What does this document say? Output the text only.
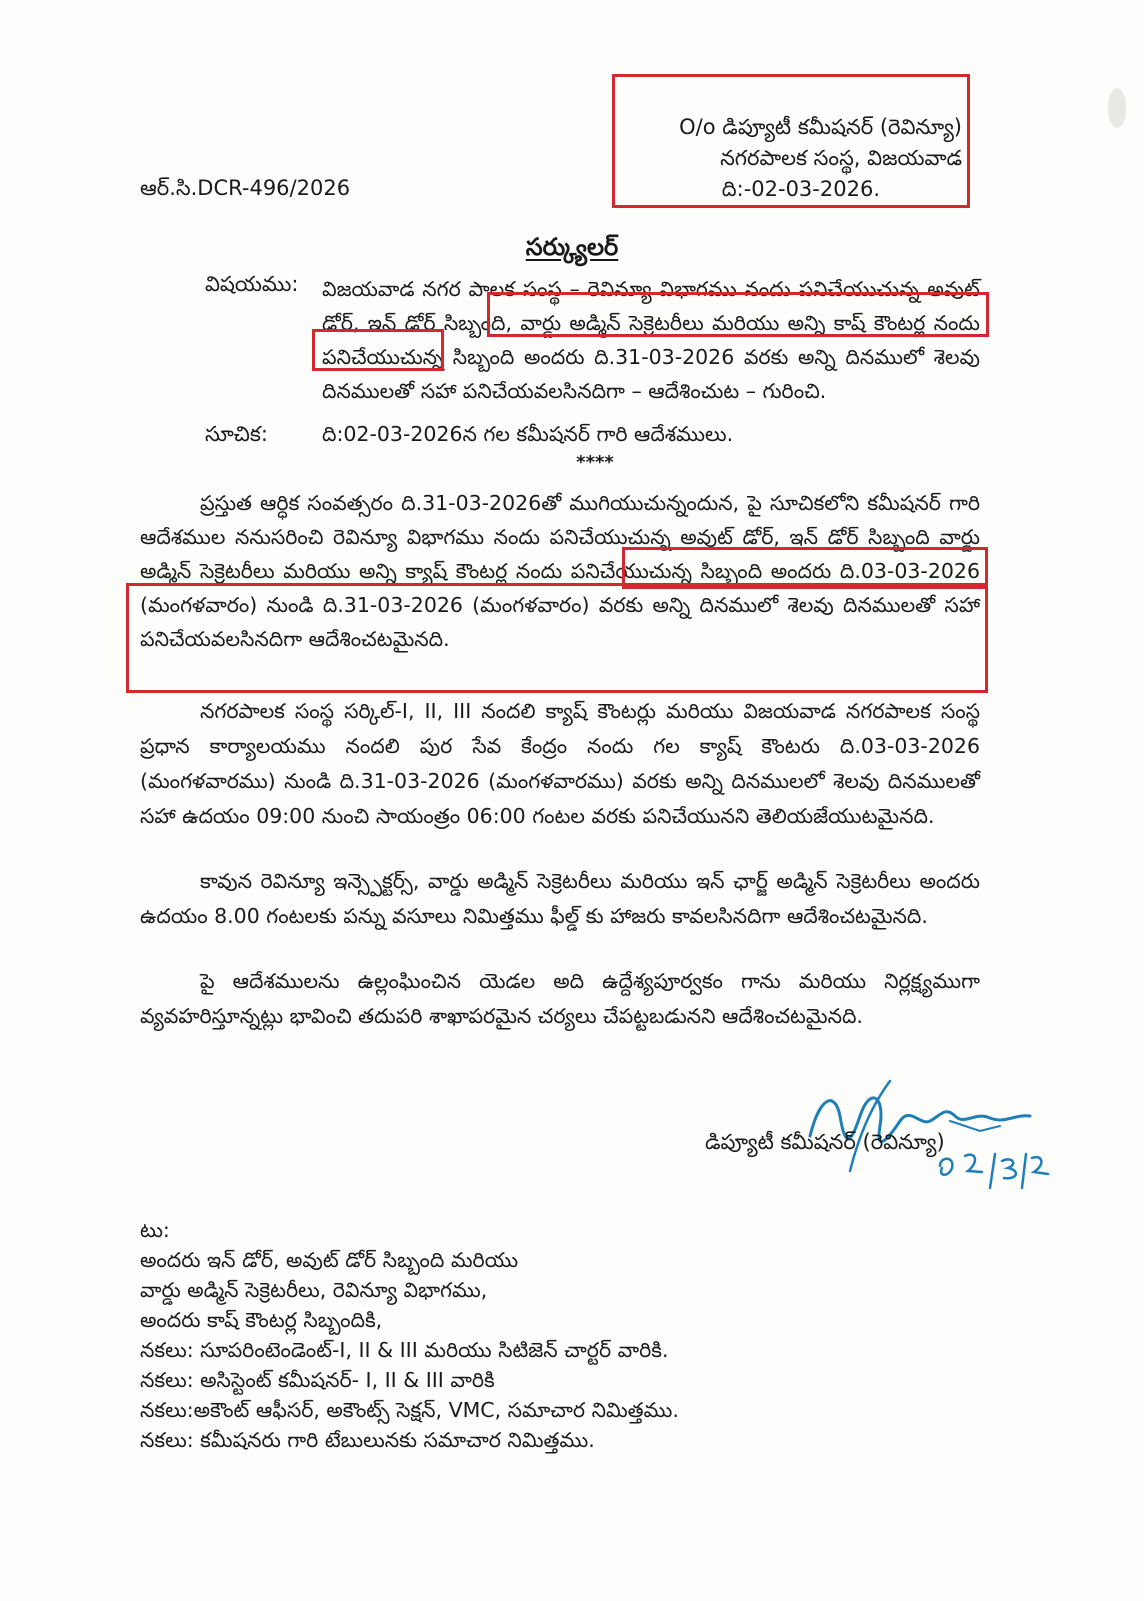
O/o డిప్యూటీ కమీషనర్ (రెవిన్యూ)
నగరపాలక సంస్థ, విజయవాడ
ది:-02-03-2026.
ఆర్.సి.DCR-496/2026
సర్క్యులర్
విషయము: విజయవాడ నగర పాలక సంస్థ – రెవిన్యూ విభాగము నందు పనిచేయుచున్న అవుట్ డోర్, ఇన్ డోర్ సిబ్బంది, వార్డు అడ్మిన్ సెక్రెటరీలు మరియు అన్ని కాష్ కౌంటర్ల నందు పనిచేయుచున్న సిబ్బంది అందరు ది.31-03-2026 వరకు అన్ని దినములో శెలవు దినములతో సహా పనిచేయవలసినదిగా – ఆదేశించుట – గురించి.
సూచిక:	ది:02-03-2026న గల కమీషనర్ గారి ఆదేశములు.
****
ప్రస్తుత ఆర్ధిక సంవత్సరం ది.31-03-2026తో ముగియుచున్నందున, పై సూచికలోని కమీషనర్ గారి ఆదేశముల ననుసరించి రెవిన్యూ విభాగము నందు పనిచేయుచున్న అవుట్ డోర్, ఇన్ డోర్ సిబ్బంది వార్డు అడ్మిన్ సెక్రెటరీలు మరియు అన్ని క్యాష్ కౌంటర్ల నందు పనిచేయుచున్న సిబ్బంది అందరు ది.03-03-2026 (మంగళవారం) నుండి ది.31-03-2026 (మంగళవారం) వరకు అన్ని దినములో శెలవు దినములతో సహా పనిచేయవలసినదిగా ఆదేశించటమైనది.
నగరపాలక సంస్థ సర్కిల్-I, II, III నందలి క్యాష్ కౌంటర్లు మరియు విజయవాడ నగరపాలక సంస్థ ప్రధాన కార్యాలయము నందలి పుర సేవ కేంద్రం నందు గల క్యాష్ కౌంటరు ది.03-03-2026 (మంగళవారము) నుండి ది.31-03-2026 (మంగళవారము) వరకు అన్ని దినములలో శెలవు దినములతో సహా ఉదయం 09:00 నుంచి సాయంత్రం 06:00 గంటల వరకు పనిచేయునని తెలియజేయుటమైనది.
కావున రెవిన్యూ ఇన్స్పెక్టర్స్, వార్డు అడ్మిన్ సెక్రెటరీలు మరియు ఇన్ ఛార్జ్ అడ్మిన్ సెక్రెటరీలు అందరు ఉదయం 8.00 గంటలకు పన్ను వసూలు నిమిత్తము ఫీల్డ్ కు హాజరు కావలసినదిగా ఆదేశించటమైనది.
పై ఆదేశములను ఉల్లంఘించిన యెడల అది ఉద్దేశ్యపూర్వకం గాను మరియు నిర్లక్ష్యముగా వ్యవహరిస్తూన్నట్లు భావించి తదుపరి శాఖాపరమైన చర్యలు చేపట్టబడునని ఆదేశించటమైనది.
డిప్యూటీ కమీషనర్ (రెవిన్యూ)
టు:
అందరు ఇన్ డోర్, అవుట్ డోర్ సిబ్బంది మరియు
వార్డు అడ్మిన్ సెక్రెటరీలు, రెవిన్యూ విభాగము,
అందరు కాష్ కౌంటర్ల సిబ్బందికి,
నకలు: సూపరింటెండెంట్-I, II & III మరియు సిటిజెన్ చార్టర్ వారికి.
నకలు: అసిస్టెంట్ కమీషనర్- I, II & III వారికి
నకలు:అకౌంట్ ఆఫీసర్, అకౌంట్స్ సెక్షన్, VMC, సమాచార నిమిత్తము.
నకలు: కమీషనరు గారి టేబులునకు సమాచార నిమిత్తము.
